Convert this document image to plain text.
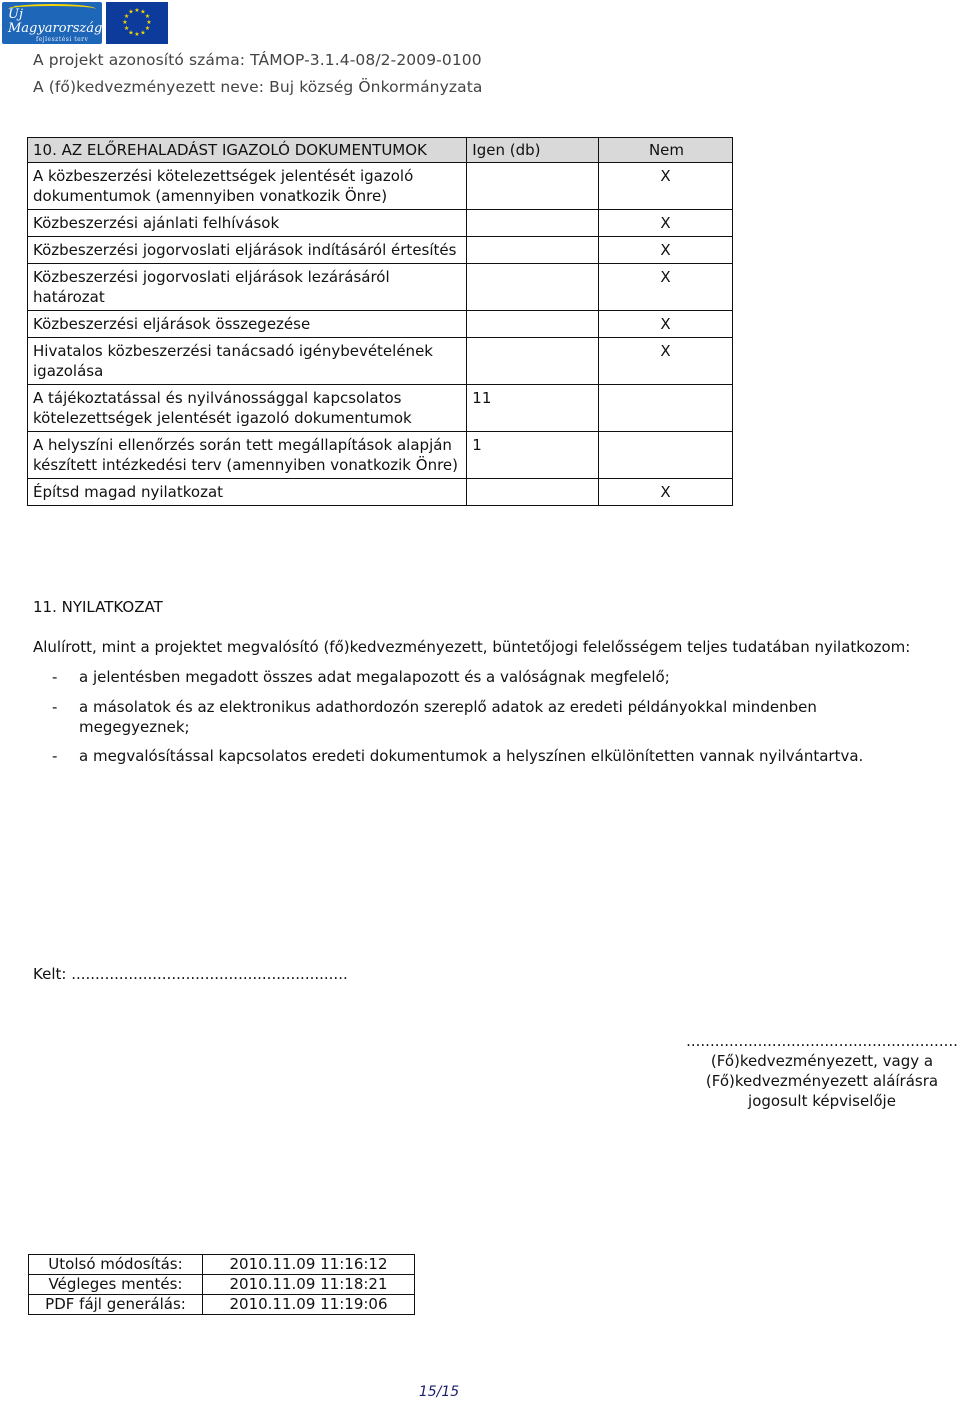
Új Magyarország
fejlesztési terv
★ ★
★
★
★
★
★
★
★
★
★
★
A projekt azonosító száma: TÁMOP-3.1.4-08/2-2009-0100
A (fő)kedvezményezett neve: Buj község Önkormányzata
10. AZ ELŐREHALADÁST IGAZOLÓ DOKUMENTUMOK	Igen (db)	Nem
A közbeszerzési kötelezettségek jelentését igazoló dokumentumok (amennyiben vonatkozik Önre)		X
Közbeszerzési ajánlati felhívások		X
Közbeszerzési jogorvoslati eljárások indításáról értesítés		X
Közbeszerzési jogorvoslati eljárások lezárásáról határozat		X
Közbeszerzési eljárások összegezése		X
Hivatalos közbeszerzési tanácsadó igénybevételének igazolása		X
A tájékoztatással és nyilvánossággal kapcsolatos kötelezettségek jelentését igazoló dokumentumok	11	
A helyszíni ellenőrzés során tett megállapítások alapján készített intézkedési terv (amennyiben vonatkozik Önre)	1	
Építsd magad nyilatkozat		X
11. NYILATKOZAT
Alulírott, mint a projektet megvalósító (fő)kedvezményezett, büntetőjogi felelősségem teljes tudatában nyilatkozom:
-	a jelentésben megadott összes adat megalapozott és a valóságnak megfelelő;
-	a másolatok és az elektronikus adathordozón szereplő adatok az eredeti példányokkal mindenben megegyeznek;
-	a megvalósítással kapcsolatos eredeti dokumentumok a helyszínen elkülönítetten vannak nyilvántartva.
Kelt: ..........................................................
.........................................................
(Fő)kedvezményezett, vagy a
(Fő)kedvezményezett aláírásra
jogosult képviselője
Utolsó módosítás:	2010.11.09 11:16:12
Végleges mentés:	2010.11.09 11:18:21
PDF fájl generálás:	2010.11.09 11:19:06
15/15
